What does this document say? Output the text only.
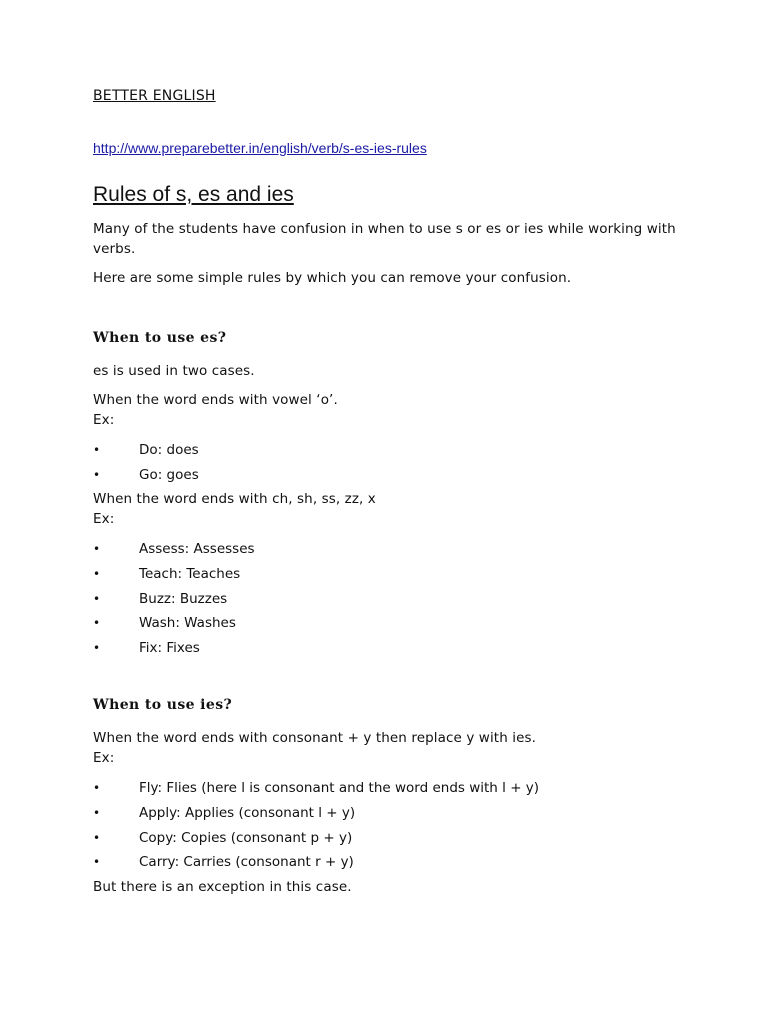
BETTER ENGLISH
http://www.preparebetter.in/english/verb/s-es-ies-rules
Rules of s, es and ies
Many of the students have confusion in when to use s or es or ies while working with verbs.
Here are some simple rules by which you can remove your confusion.
When to use es?
es is used in two cases.
When the word ends with vowel ‘o’.
Ex:
•	Do: does
•	Go: goes
When the word ends with ch, sh, ss, zz, x
Ex:
•	Assess: Assesses
•	Teach: Teaches
•	Buzz: Buzzes
•	Wash: Washes
•	Fix: Fixes
When to use ies?
When the word ends with consonant + y then replace y with ies.
Ex:
•	Fly: Flies (here l is consonant and the word ends with l + y)
•	Apply: Applies (consonant l + y)
•	Copy: Copies (consonant p + y)
•	Carry: Carries (consonant r + y)
But there is an exception in this case.
